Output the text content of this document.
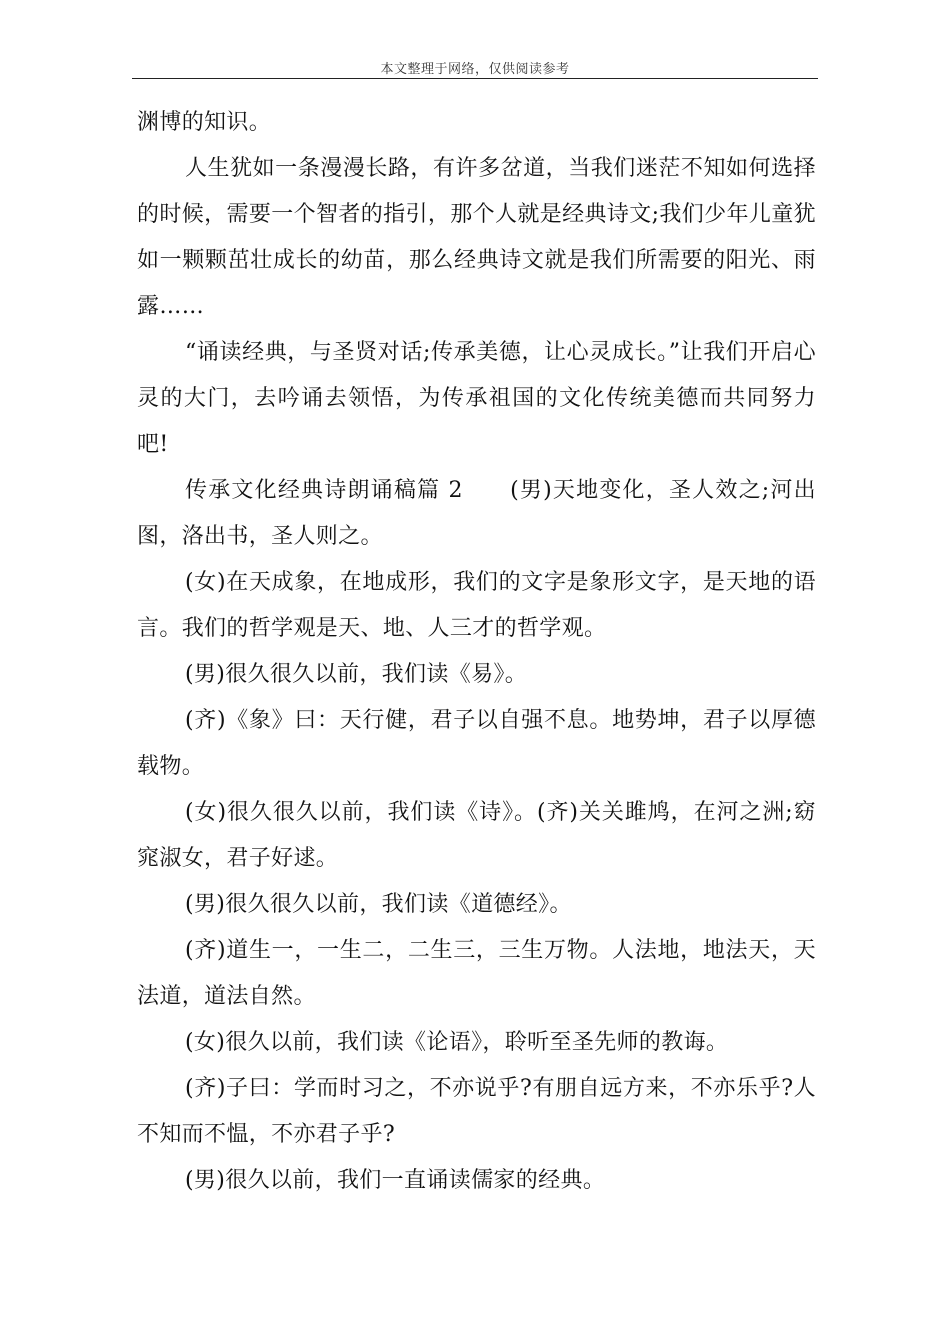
本文整理于网络，仅供阅读参考

渊博的知识。

人生犹如一条漫漫长路，有许多岔道，当我们迷茫不知如何选择的时候，需要一个智者的指引，那个人就是经典诗文;我们少年儿童犹如一颗颗茁壮成长的幼苗，那么经典诗文就是我们所需要的阳光、雨露……

“诵读经典，与圣贤对话;传承美德，让心灵成长。”让我们开启心灵的大门，去吟诵去领悟，为传承祖国的文化传统美德而共同努力吧!

传承文化经典诗朗诵稿篇 2　　(男)天地变化，圣人效之;河出图，洛出书，圣人则之。

(女)在天成象，在地成形，我们的文字是象形文字，是天地的语言。我们的哲学观是天、地、人三才的哲学观。

(男)很久很久以前，我们读《易》。

(齐)《象》曰：天行健，君子以自强不息。地势坤，君子以厚德载物。

(女)很久很久以前，我们读《诗》。(齐)关关雎鸠，在河之洲;窈窕淑女，君子好逑。

(男)很久很久以前，我们读《道德经》。

(齐)道生一，一生二，二生三，三生万物。人法地，地法天，天法道，道法自然。

(女)很久以前，我们读《论语》，聆听至圣先师的教诲。

(齐)子曰：学而时习之，不亦说乎?有朋自远方来，不亦乐乎?人不知而不愠，不亦君子乎?

(男)很久以前，我们一直诵读儒家的经典。
